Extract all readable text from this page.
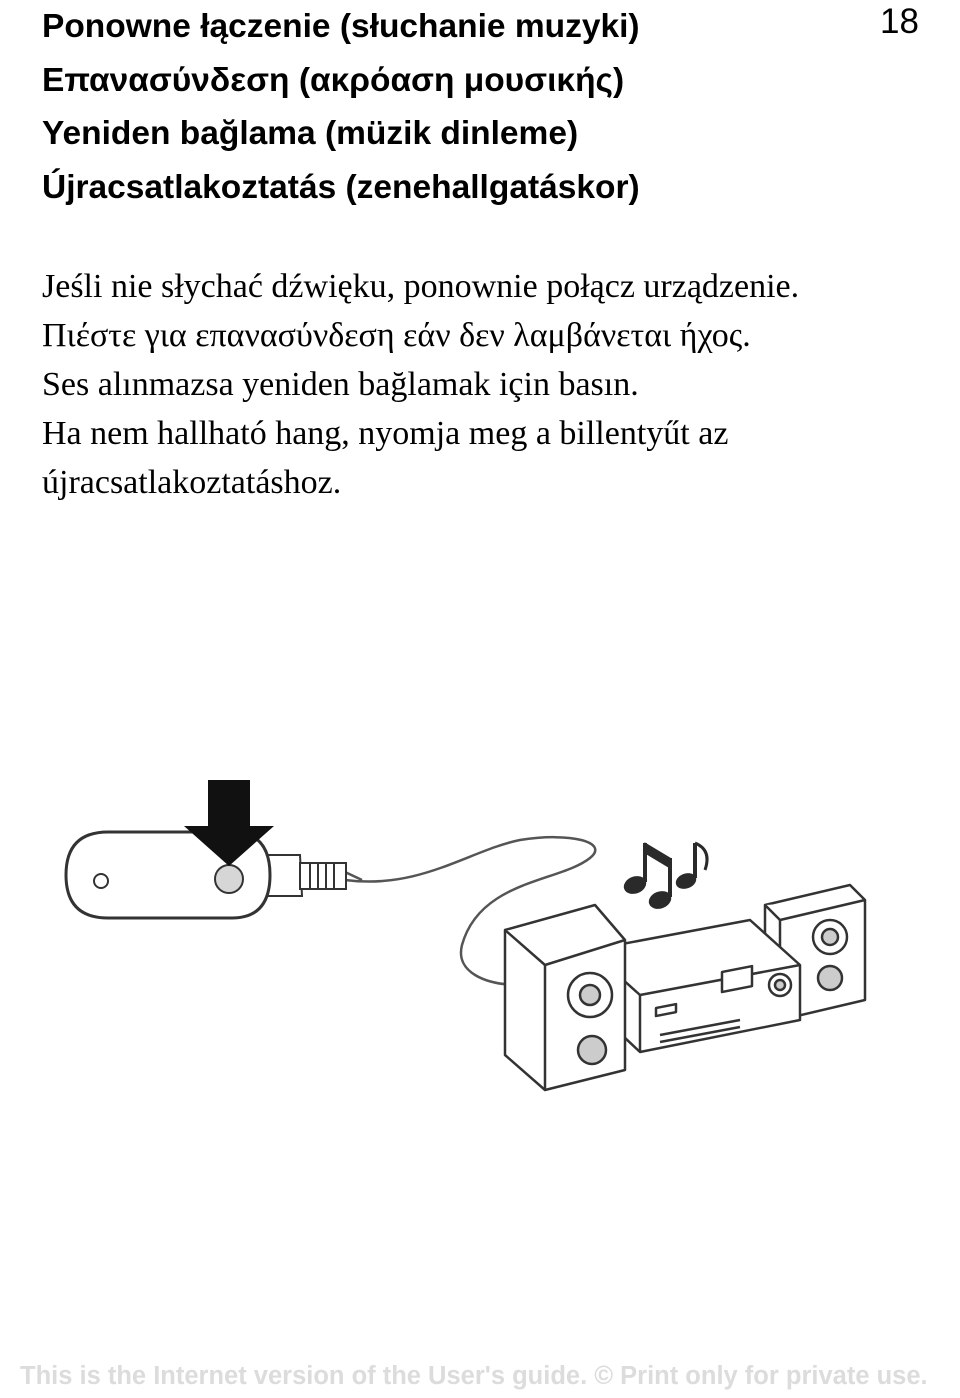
18
Ponowne łączenie (słuchanie muzyki)
Επανασύνδεση (ακρόαση μουσικής)
Yeniden bağlama (müzik dinleme)
Újracsatlakoztatás (zenehallgatáskor)

Jeśli nie słychać dźwięku, ponownie połącz urządzenie.

Πιέστε για επανασύνδεση εάν δεν λαμβάνεται ήχος.

Ses alınmazsa yeniden bağlamak için basın.

Ha nem hallható hang, nyomja meg a billentyűt az újracsatlakoztatáshoz.

This is the Internet version of the User's guide. © Print only for private use.
